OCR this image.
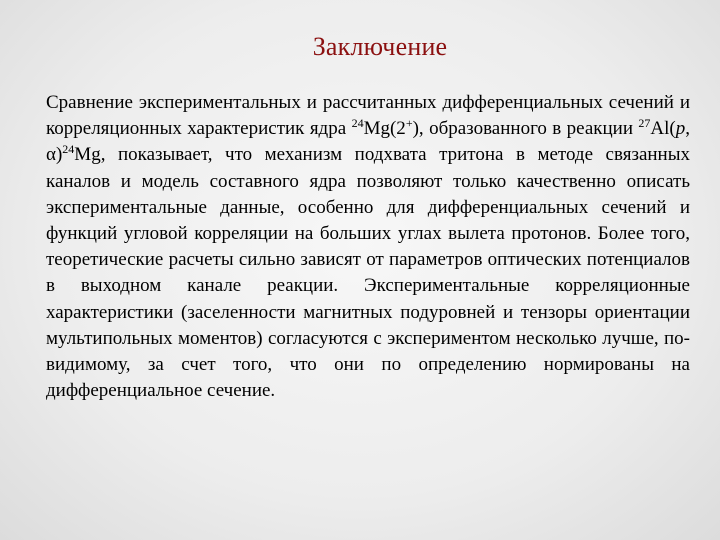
Заключение
Сравнение экспериментальных и рассчитанных дифференциальных сечений и корреляционных характеристик ядра $^{24}$Mg(2+), образованного в реакции $^{27}$Al(p, α)$^{24}$Mg, показывает, что механизм подхвата тритона в методе связанных каналов и модель составного ядра позволяют только качественно описать экспериментальные данные, особенно для дифференциальных сечений и функций угловой корреляции на больших углах вылета протонов. Более того, теоретические расчеты сильно зависят от параметров оптических потенциалов в выходном канале реакции. Экспериментальные корреляционные характеристики (заселенности магнитных подуровней и тензоры ориентации мультипольных моментов) согласуются с экспериментом несколько лучше, по-видимому, за счет того, что они по определению нормированы на дифференциальное сечение.
